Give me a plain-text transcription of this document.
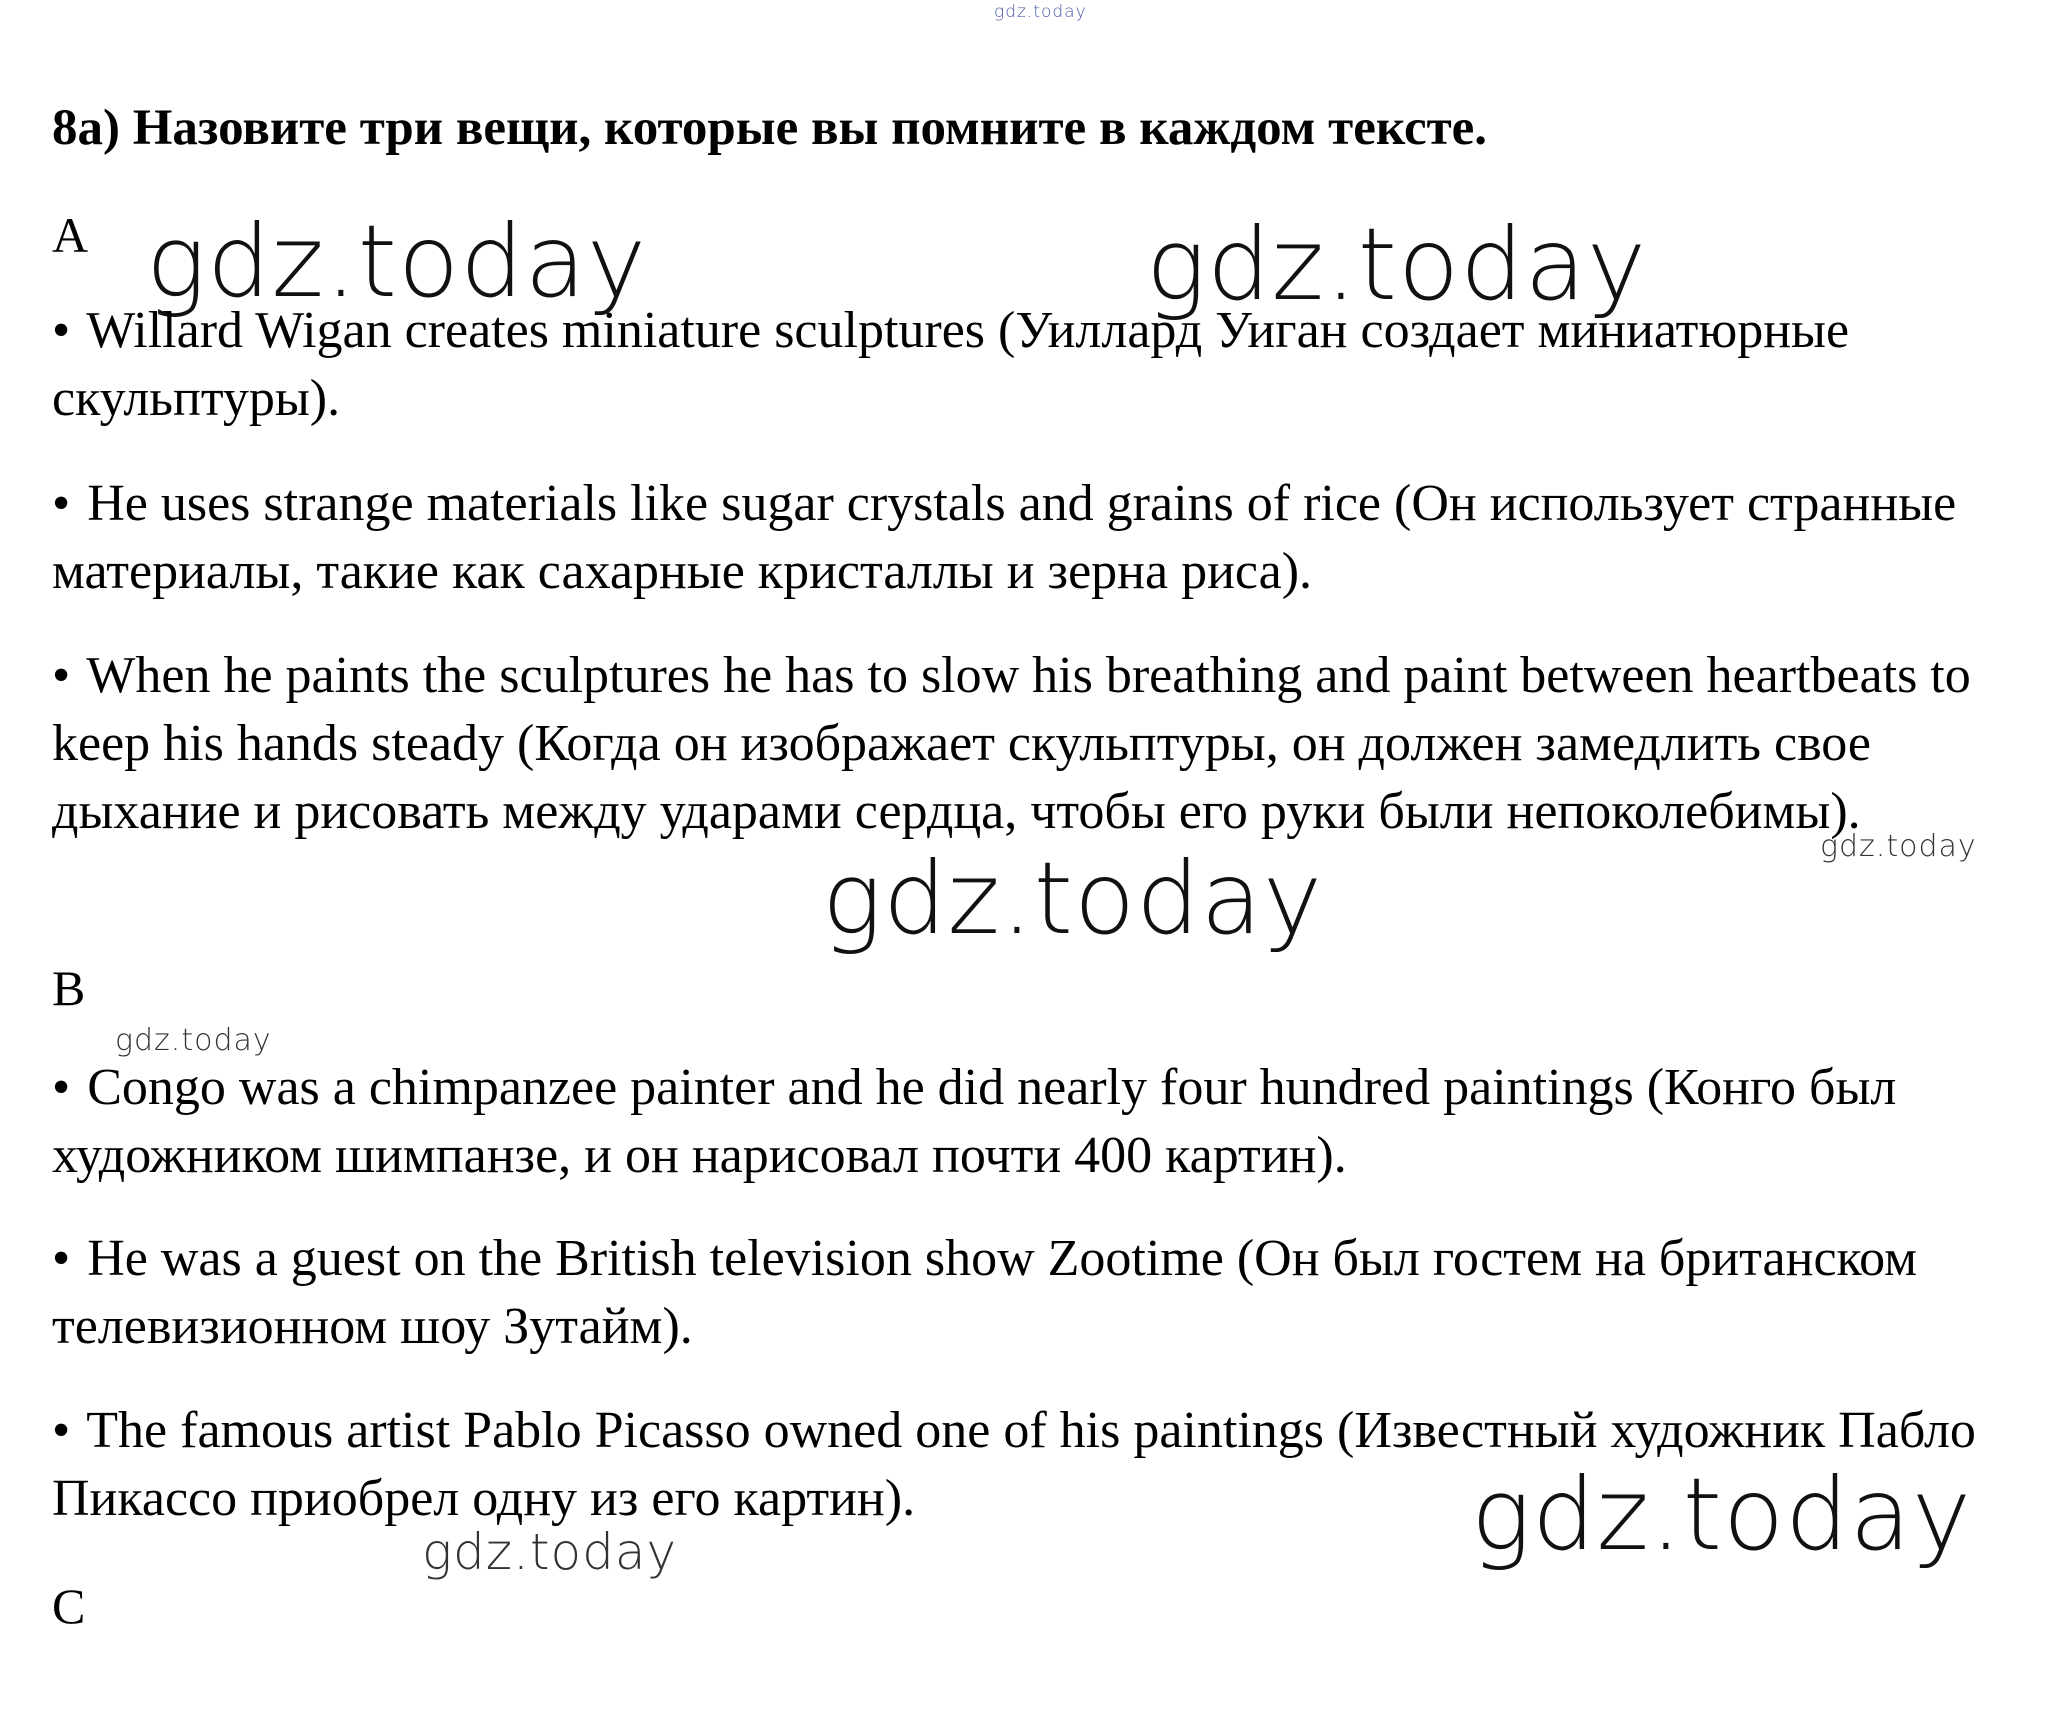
gdz.today
gdz.today	gdz.today
gdz.today
gdz.today
gdz.today
gdz.today
gdz.today
8а) Назовите три вещи, которые вы помните в каждом тексте.
A

• Willard Wigan creates miniature sculptures (Уиллард Уиган создает миниатюрные скульптуры).

• He uses strange materials like sugar crystals and grains of rice (Он использует странные материалы, такие как сахарные кристаллы и зерна риса).

• When he paints the sculptures he has to slow his breathing and paint between heartbeats to keep his hands steady (Когда он изображает скульптуры, он должен замедлить свое дыхание и рисовать между ударами сердца, чтобы его руки были непоколебимы).

B

• Congo was a chimpanzee painter and he did nearly four hundred paintings (Конго был художником шимпанзе, и он нарисовал почти 400 картин).

• He was a guest on the British television show Zootime (Он был гостем на британском телевизионном шоу Зутайм).

• The famous artist Pablo Picasso owned one of his paintings (Известный художник Пабло Пикассо приобрел одну из его картин).

C
